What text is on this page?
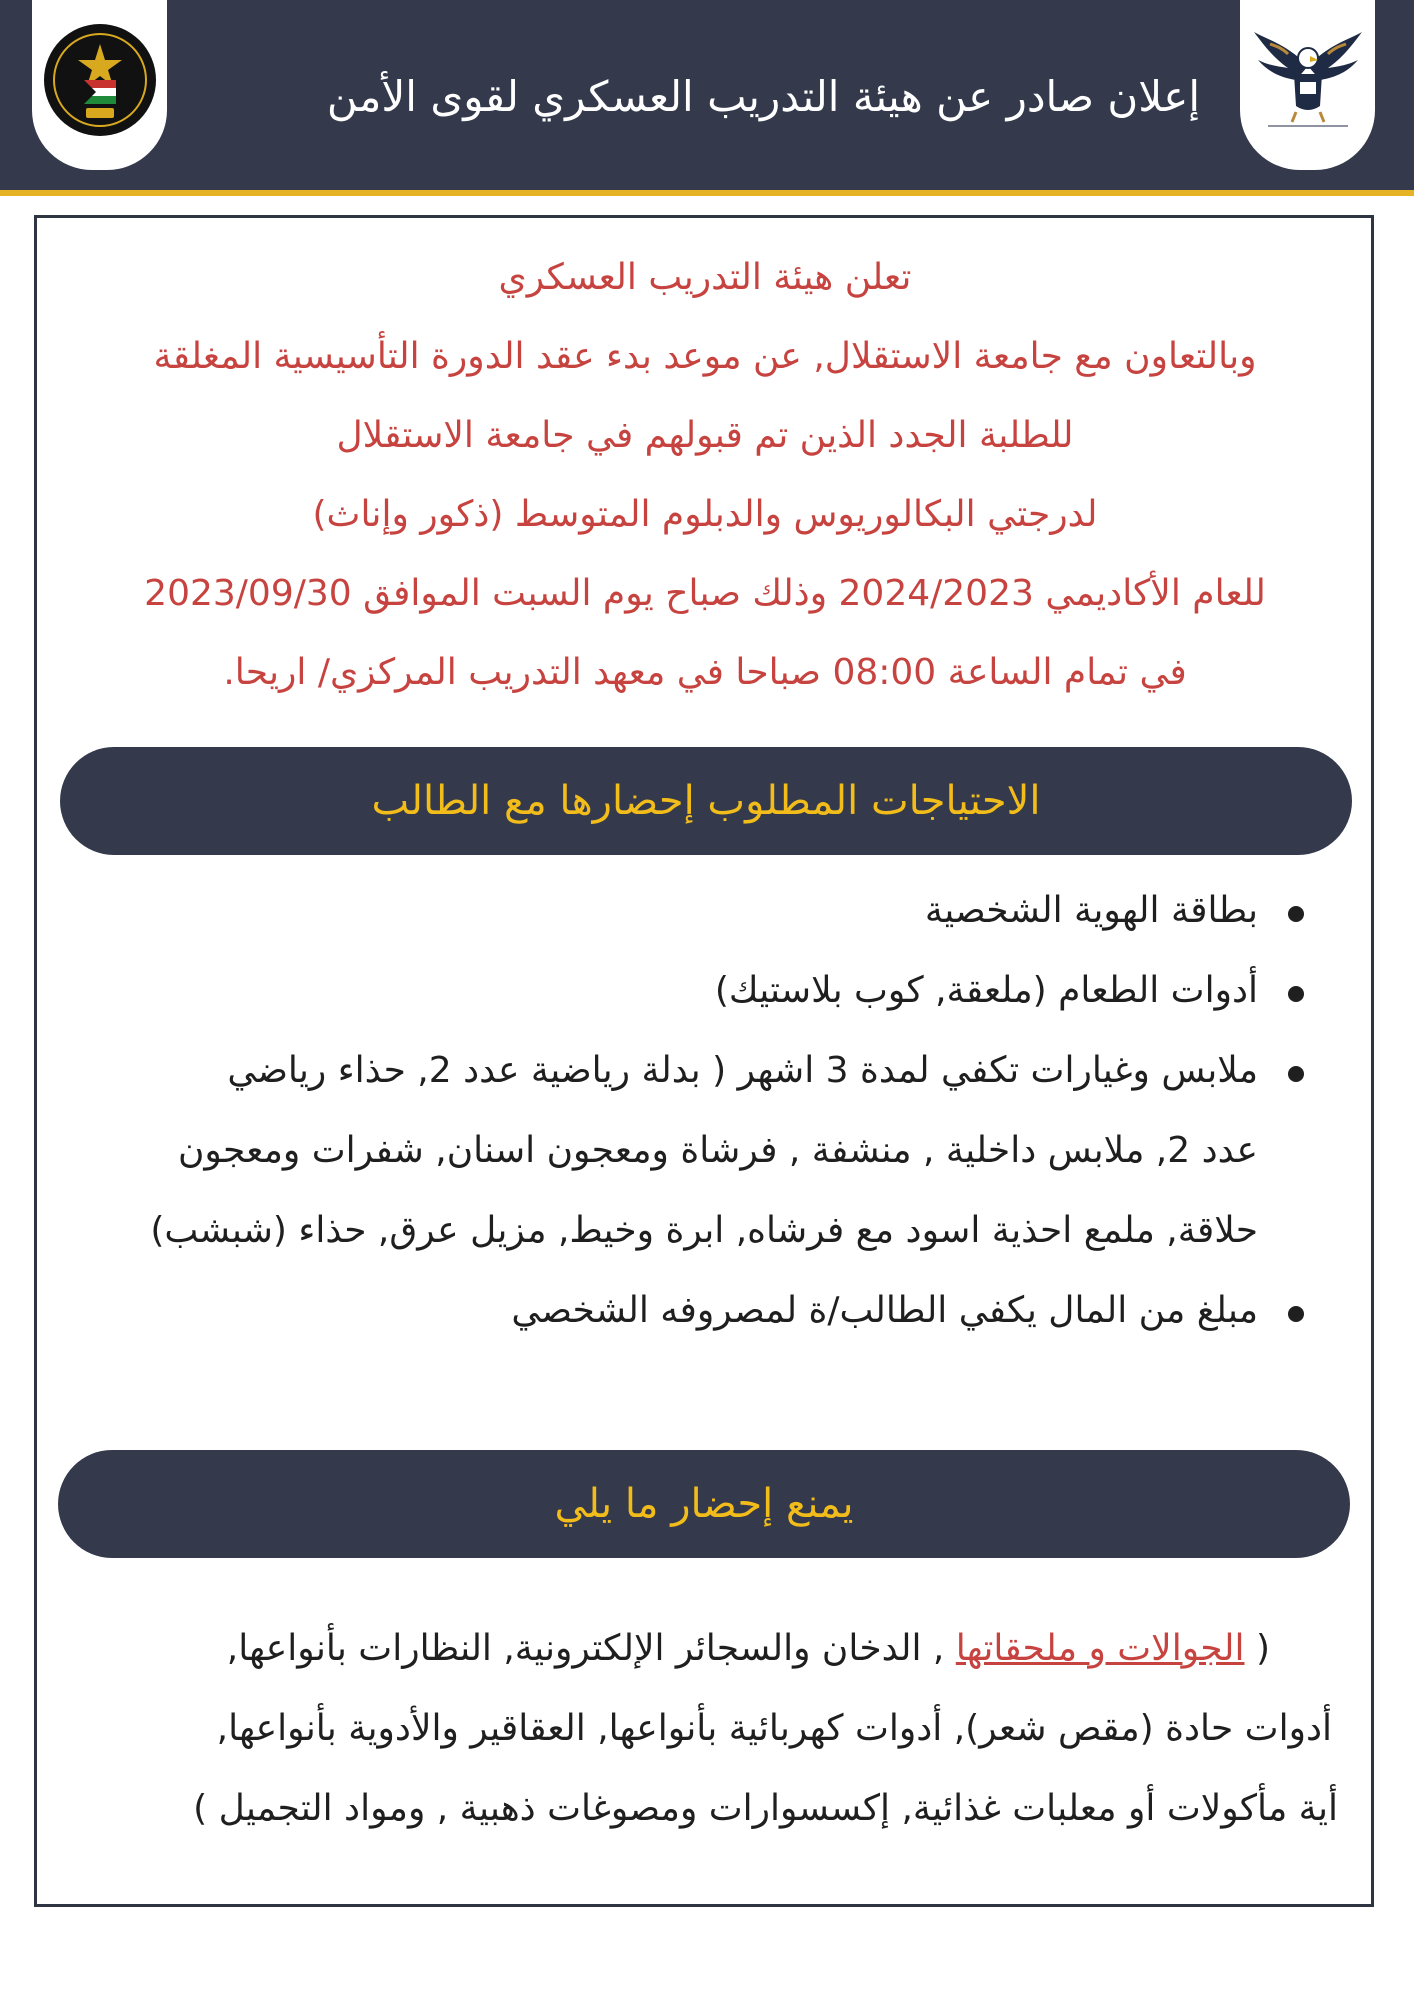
إعلان صادر عن هيئة التدريب العسكري لقوى الأمن
تعلن هيئة التدريب العسكري
وبالتعاون مع جامعة الاستقلال, عن موعد بدء عقد الدورة التأسيسية المغلقة
للطلبة الجدد الذين تم قبولهم في جامعة الاستقلال
لدرجتي البكالوريوس والدبلوم المتوسط (ذكور وإناث)
للعام الأكاديمي 2024/2023 وذلك صباح يوم السبت الموافق 2023/09/30
في تمام الساعة 08:00 صباحا في معهد التدريب المركزي/ اريحا.
الاحتياجات المطلوب إحضارها مع الطالب
بطاقة الهوية الشخصية
أدوات الطعام (ملعقة, كوب بلاستيك)
ملابس وغيارات تكفي لمدة 3 اشهر ( بدلة رياضية عدد 2, حذاء رياضي
عدد 2, ملابس داخلية , منشفة , فرشاة ومعجون اسنان, شفرات ومعجون
حلاقة, ملمع احذية اسود مع فرشاه, ابرة وخيط, مزيل عرق, حذاء (شبشب)
مبلغ من المال يكفي الطالب/ة لمصروفه الشخصي
يمنع إحضار ما يلي
( الجوالات و ملحقاتها , الدخان والسجائر الإلكترونية, النظارات بأنواعها,
أدوات حادة (مقص شعر), أدوات كهربائية بأنواعها, العقاقير والأدوية بأنواعها,
أية مأكولات أو معلبات غذائية, إكسسوارات ومصوغات ذهبية , ومواد التجميل )
